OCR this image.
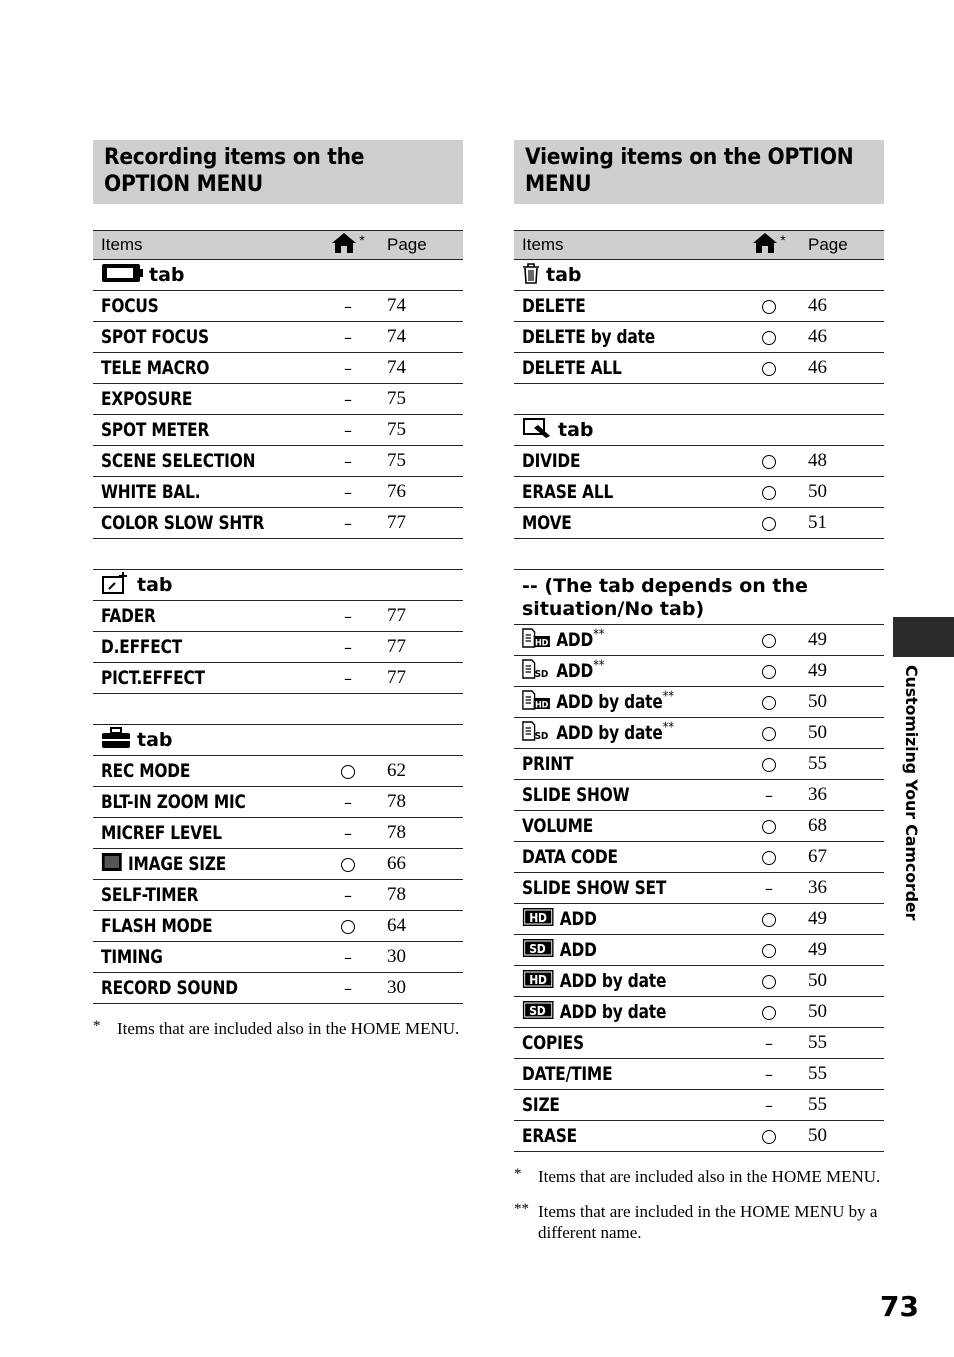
Recording items on the OPTION MENU
Items	*	Page
tab		
FOCUS	–	74
SPOT FOCUS	–	74
TELE MACRO	–	74
EXPOSURE	–	75
SPOT METER	–	75
SCENE SELECTION	–	75
WHITE BAL.	–	76
COLOR SLOW SHTR	–	77

tab		
FADER	–	77
D.EFFECT	–	77
PICT.EFFECT	–	77

tab		
REC MODE		62
BLT-IN ZOOM MIC	–	78
MICREF LEVEL	–	78
IMAGE SIZE		66
SELF-TIMER	–	78
FLASH MODE		64
TIMING	–	30
RECORD SOUND	–	30
* Items that are included also in the HOME MENU.
Viewing items on the OPTION MENU
Items	*	Page
tab		
DELETE		46
DELETE by date		46
DELETE ALL		46

tab		
DIVIDE		48
ERASE ALL		50
MOVE		51

-- (The tab depends on the situation/No tab)		

HD ADD**		49

SD ADD**		49

HD ADD by date**		50

SD ADD by date**		50
PRINT		55
SLIDE SHOW	–	36
VOLUME		68
DATA CODE		67
SLIDE SHOW SET	–	36

HD ADD		49

SD ADD		49

HD ADD by date		50

SD ADD by date		50
COPIES	–	55
DATE/TIME	–	55
SIZE	–	55
ERASE		50
* Items that are included also in the HOME MENU.
** Items that are included in the HOME MENU by a different name.
Customizing Your Camcorder
73
